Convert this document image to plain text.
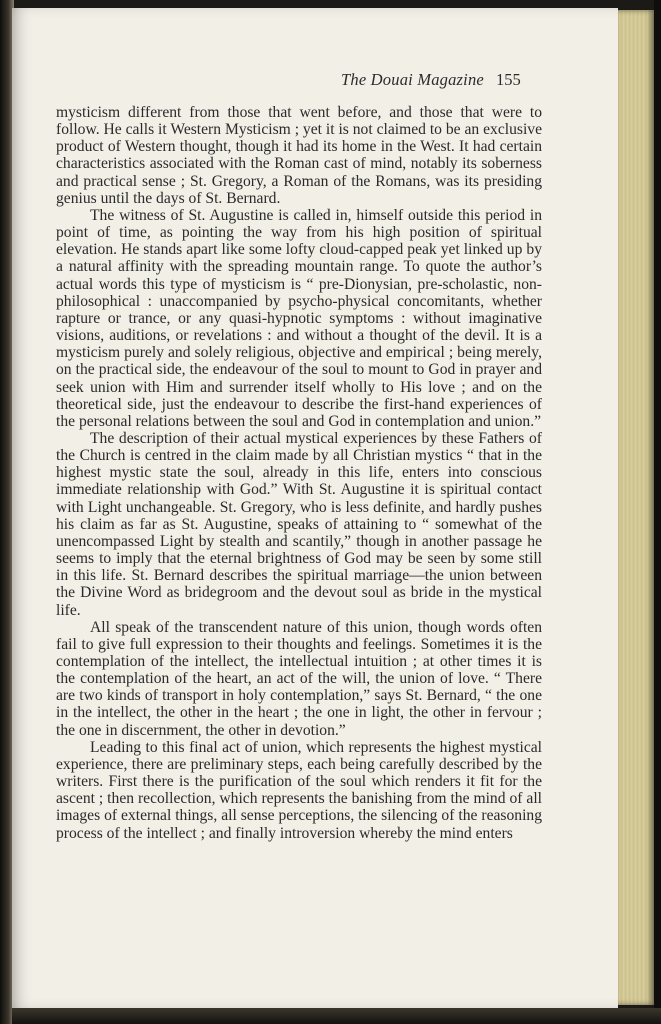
The Douai Magazine 155

mysticism different from those that went before, and those that were to follow. He calls it Western Mysticism ; yet it is not claimed to be an exclusive product of Western thought, though it had its home in the West. It had certain characteristics associated with the Roman cast of mind, notably its soberness and practical sense ; St. Gregory, a Roman of the Romans, was its presiding genius until the days of St. Bernard.

The witness of St. Augustine is called in, himself outside this period in point of time, as pointing the way from his high position of spiritual elevation. He stands apart like some lofty cloud-capped peak yet linked up by a natural affinity with the spreading mountain range. To quote the author’s actual words this type of mysticism is “ pre-Dionysian, pre-scholastic, non-philosophical : unaccompanied by psycho-physical concomitants, whether rapture or trance, or any quasi-hypnotic symptoms : without imaginative visions, auditions, or revelations : and without a thought of the devil. It is a mysticism purely and solely religious, objective and empirical ; being merely, on the practical side, the endeavour of the soul to mount to God in prayer and seek union with Him and surrender itself wholly to His love ; and on the theoretical side, just the endeavour to describe the first-hand experiences of the personal relations between the soul and God in contemplation and union.”

The description of their actual mystical experiences by these Fathers of the Church is centred in the claim made by all Christian mystics “ that in the highest mystic state the soul, already in this life, enters into conscious immediate relationship with God.” With St. Augustine it is spiritual contact with Light unchangeable. St. Gregory, who is less definite, and hardly pushes his claim as far as St. Augustine, speaks of attaining to “ somewhat of the unencompassed Light by stealth and scantily,” though in another passage he seems to imply that the eternal brightness of God may be seen by some still in this life. St. Bernard describes the spiritual marriage—the union between the Divine Word as bridegroom and the devout soul as bride in the mystical life.

All speak of the transcendent nature of this union, though words often fail to give full expression to their thoughts and feelings. Sometimes it is the contemplation of the intellect, the intellectual intuition ; at other times it is the contemplation of the heart, an act of the will, the union of love. “ There are two kinds of transport in holy contemplation,” says St. Bernard, “ the one in the intellect, the other in the heart ; the one in light, the other in fervour ; the one in discernment, the other in devotion.”

Leading to this final act of union, which represents the highest mystical experience, there are preliminary steps, each being carefully described by the writers. First there is the purification of the soul which renders it fit for the ascent ; then recollection, which represents the banishing from the mind of all images of external things, all sense perceptions, the silencing of the reasoning process of the intellect ; and finally introversion whereby the mind enters
